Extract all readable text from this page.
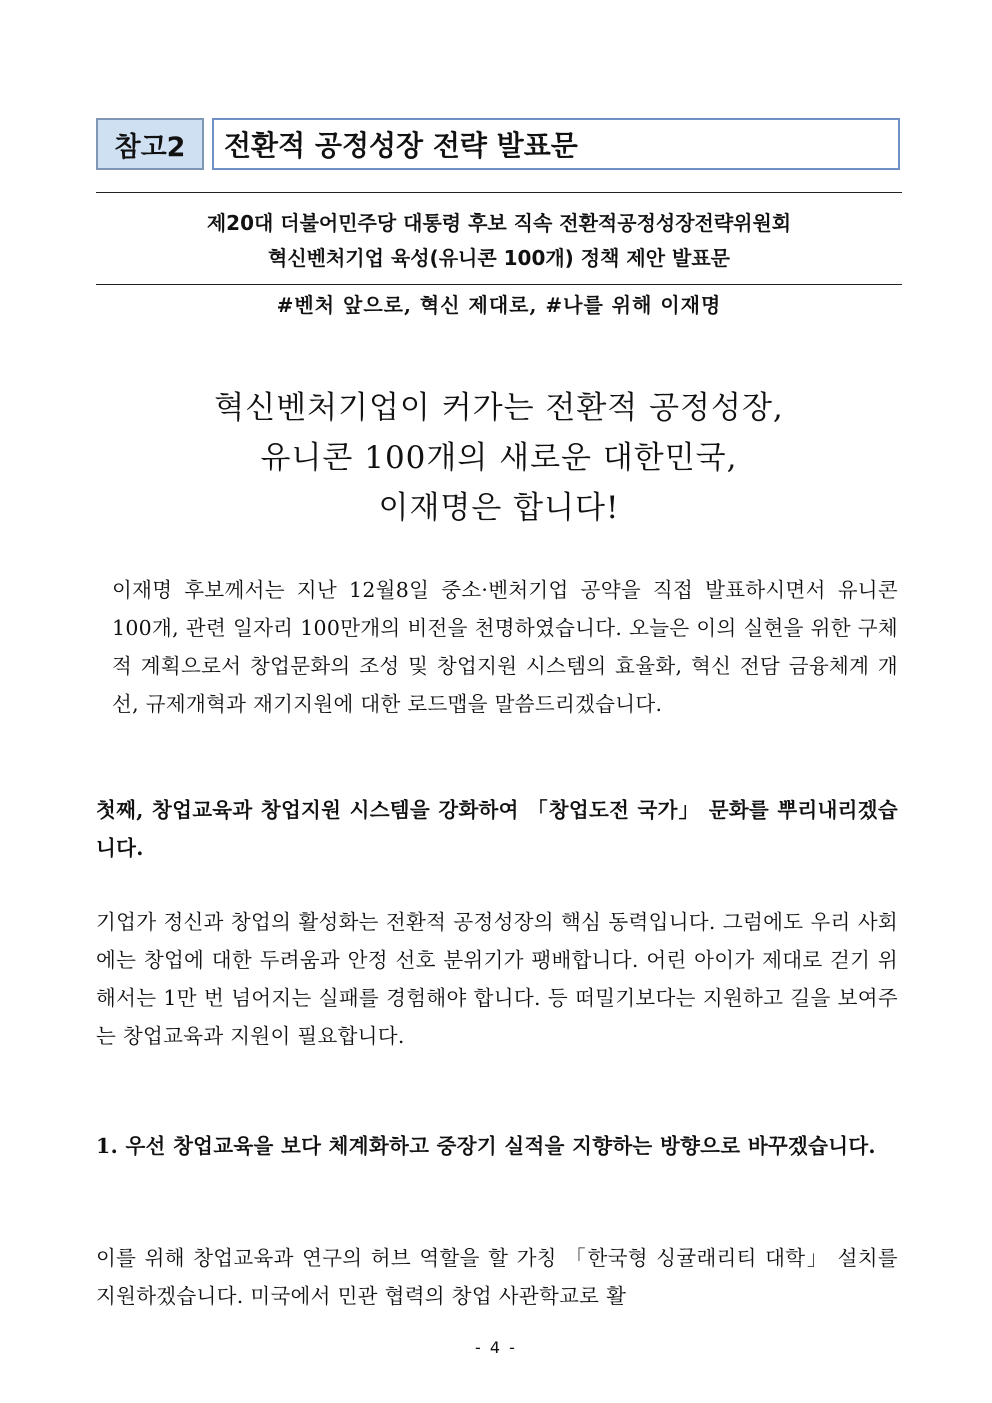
참고2	전환적 공정성장 전략 발표문
제20대 더불어민주당 대통령 후보 직속 전환적공정성장전략위원회
혁신벤처기업 육성(유니콘 100개) 정책 제안 발표문
#벤처 앞으로, 혁신 제대로, #나를 위해 이재명
혁신벤처기업이 커가는 전환적 공정성장,
유니콘 100개의 새로운 대한민국,
이재명은 합니다!
이재명 후보께서는 지난 12월8일 중소·벤처기업 공약을 직접 발표하시면서 유니콘 100개, 관련 일자리 100만개의 비전을 천명하였습니다. 오늘은 이의 실현을 위한 구체적 계획으로서 창업문화의 조성 및 창업지원 시스템의 효율화, 혁신 전담 금융체계 개선, 규제개혁과 재기지원에 대한 로드맵을 말씀드리겠습니다.
첫째, 창업교육과 창업지원 시스템을 강화하여 「창업도전 국가」 문화를 뿌리내리겠습니다.
기업가 정신과 창업의 활성화는 전환적 공정성장의 핵심 동력입니다. 그럼에도 우리 사회에는 창업에 대한 두려움과 안정 선호 분위기가 팽배합니다. 어린 아이가 제대로 걷기 위해서는 1만 번 넘어지는 실패를 경험해야 합니다. 등 떠밀기보다는 지원하고 길을 보여주는 창업교육과 지원이 필요합니다.
1. 우선 창업교육을 보다 체계화하고 중장기 실적을 지향하는 방향으로 바꾸겠습니다.
이를 위해 창업교육과 연구의 허브 역할을 할 가칭 「한국형 싱귤래리티 대학」 설치를 지원하겠습니다. 미국에서 민관 협력의 창업 사관학교로 활
- 4 -
